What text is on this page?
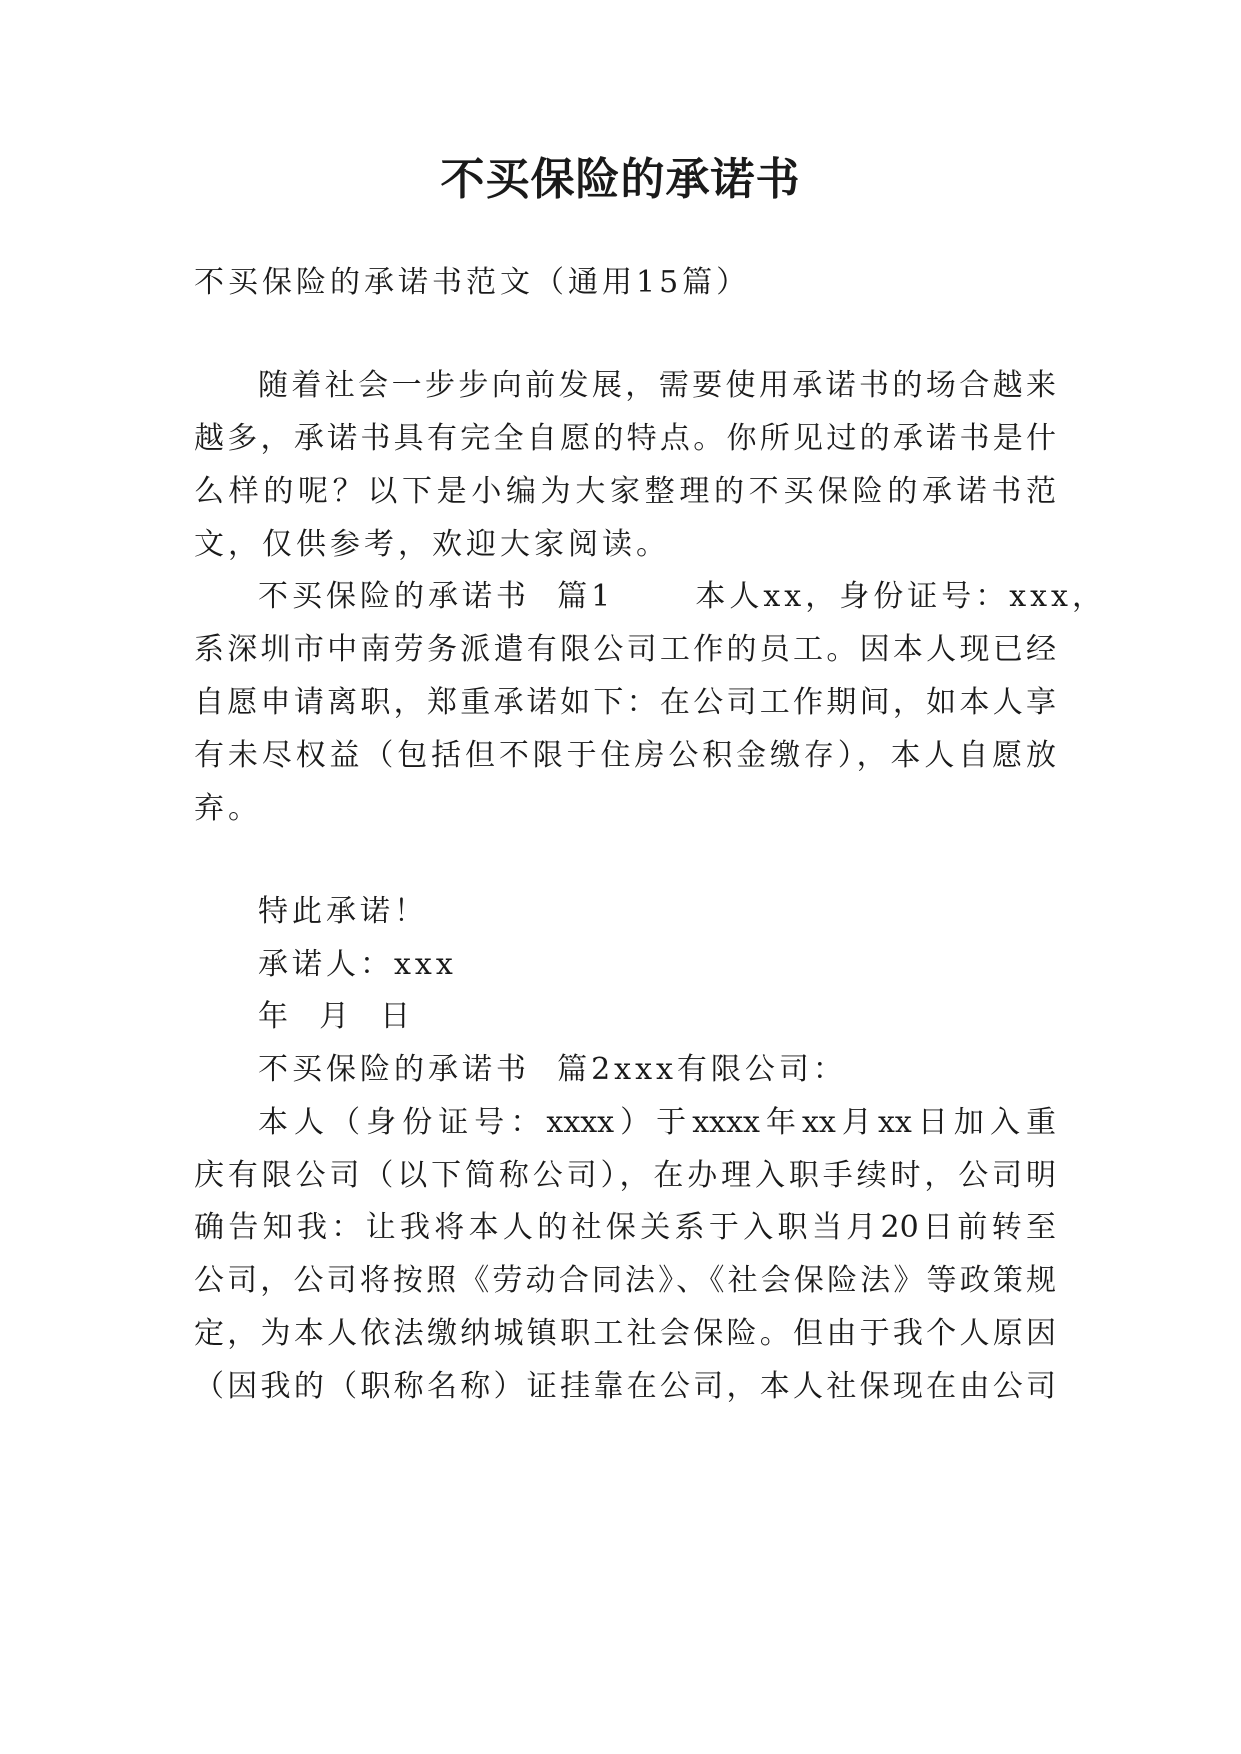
不买保险的承诺书
不买保险的承诺书范文（通用15篇）
随着社会一步步向前发展，需要使用承诺书的场合越来
越多，承诺书具有完全自愿的特点。你所见过的承诺书是什
么样的呢？以下是小编为大家整理的不买保险的承诺书范
文，仅供参考，欢迎大家阅读。
不买保险的承诺书  篇1      本人xx，身份证号：xxx，
系深圳市中南劳务派遣有限公司工作的员工。因本人现已经
自愿申请离职，郑重承诺如下：在公司工作期间，如本人享
有未尽权益（包括但不限于住房公积金缴存），本人自愿放
弃。
特此承诺！
承诺人：xxx
年  月  日
不买保险的承诺书  篇2xxx有限公司：
本人（身份证号：xxxx）于xxxx年xx月xx日加入重
庆有限公司（以下简称公司），在办理入职手续时，公司明
确告知我：让我将本人的社保关系于入职当月20日前转至
公司，公司将按照《劳动合同法》、《社会保险法》等政策规
定，为本人依法缴纳城镇职工社会保险。但由于我个人原因
（因我的（职称名称）证挂靠在公司，本人社保现在由公司
